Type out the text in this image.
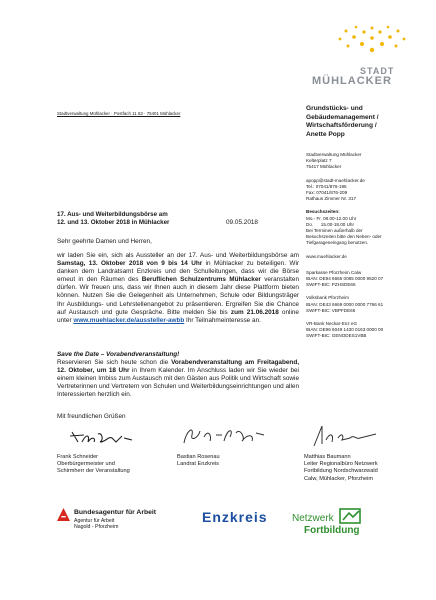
STADT
MÜHLACKER
Stadtverwaltung Mühlacker · Postfach 11 63 · 75401 Mühlacker
Grundstücks- und
Gebäudemanagement /
Wirtschaftsförderung /
Anette Popp
Stadtverwaltung Mühlacker
Kelterplatz 7
75417 Mühlacker
apopp@stadt-muehlacker.de
Tel.: 07041/876-195
Fax: 07041/876-209
Rathaus Zimmer Nr. 317
Besuchszeiten:
Mo.- Fr. 08.00-12.00 Uhr
Do.      15.00-18.00 Uhr
Bei Terminen außerhalb der
Besuchszeiten bitte den Neben- oder
Tiefgarageneingang benutzen.
www.muehlacker.de
Sparkasse Pforzheim Calw
IBAN: DE94 6665 0085 0000 9620 07
SWIFT-BIC: PZHSDE66
Volksbank Pforzheim
IBAN: DE43 6669 0000 0000 7766 61
SWIFT-BIC: VBPFDE66
VR-Bank Neckar-Enz eG
IBAN: DE96 6049 1430 0163 0000 00
SWIFT-BIC: GENODES1VBB
17. Aus- und Weiterbildungsbörse am
12. und 13. Oktober 2018 in Mühlacker	09.05.2018
Sehr geehrte Damen und Herren,

wir laden Sie ein, sich als Aussteller an der 17. Aus- und Weiterbildungsbörse am Samstag, 13. Oktober 2018 von 9 bis 14 Uhr in Mühlacker zu beteiligen. Wir danken dem Landratsamt Enzkreis und den Schulleitungen, dass wir die Börse erneut in den Räumen des Beruflichen Schulzentrums Mühlacker veranstalten dürfen. Wir freuen uns, dass wir Ihnen auch in diesem Jahr diese Plattform bieten können. Nutzen Sie die Gelegenheit als Unternehmen, Schule oder Bildungsträger Ihr Ausbildungs- und Lehrstellenangebot zu präsentieren. Ergreifen Sie die Chance auf Austausch und gute Gespräche. Bitte melden Sie bis zum 21.06.2018 online unter www.muehlacker.de/aussteller-awbb Ihr Teilnahmeinteresse an.

Save the Date – Vorabendveranstaltung!

Reservieren Sie sich heute schon die Vorabendveranstaltung am Freitagabend, 12. Oktober, um 18 Uhr in Ihrem Kalender. Im Anschluss laden wir Sie wieder bei einem kleinen Imbiss zum Austausch mit den Gästen aus Politik und Wirtschaft sowie Vertreterinnen und Vertretern von Schulen und Weiterbildungseinrichtungen und allen Interessierten herzlich ein.

Mit freundlichen Grüßen
Frank Schneider
Oberbürgermeister und
Schirmherr der Veranstaltung
Bastian Rosenau
Landrat Enzkreis
Matthias Baumann
Leiter Regionalbüro Netzwerk
Fortbildung Nordschwarzwald
Calw, Mühlacker, Pforzheim
Bundesagentur für Arbeit
Agentur für Arbeit
Nagold - Pforzheim
Enzkreis Netzwerk
Fortbildung
